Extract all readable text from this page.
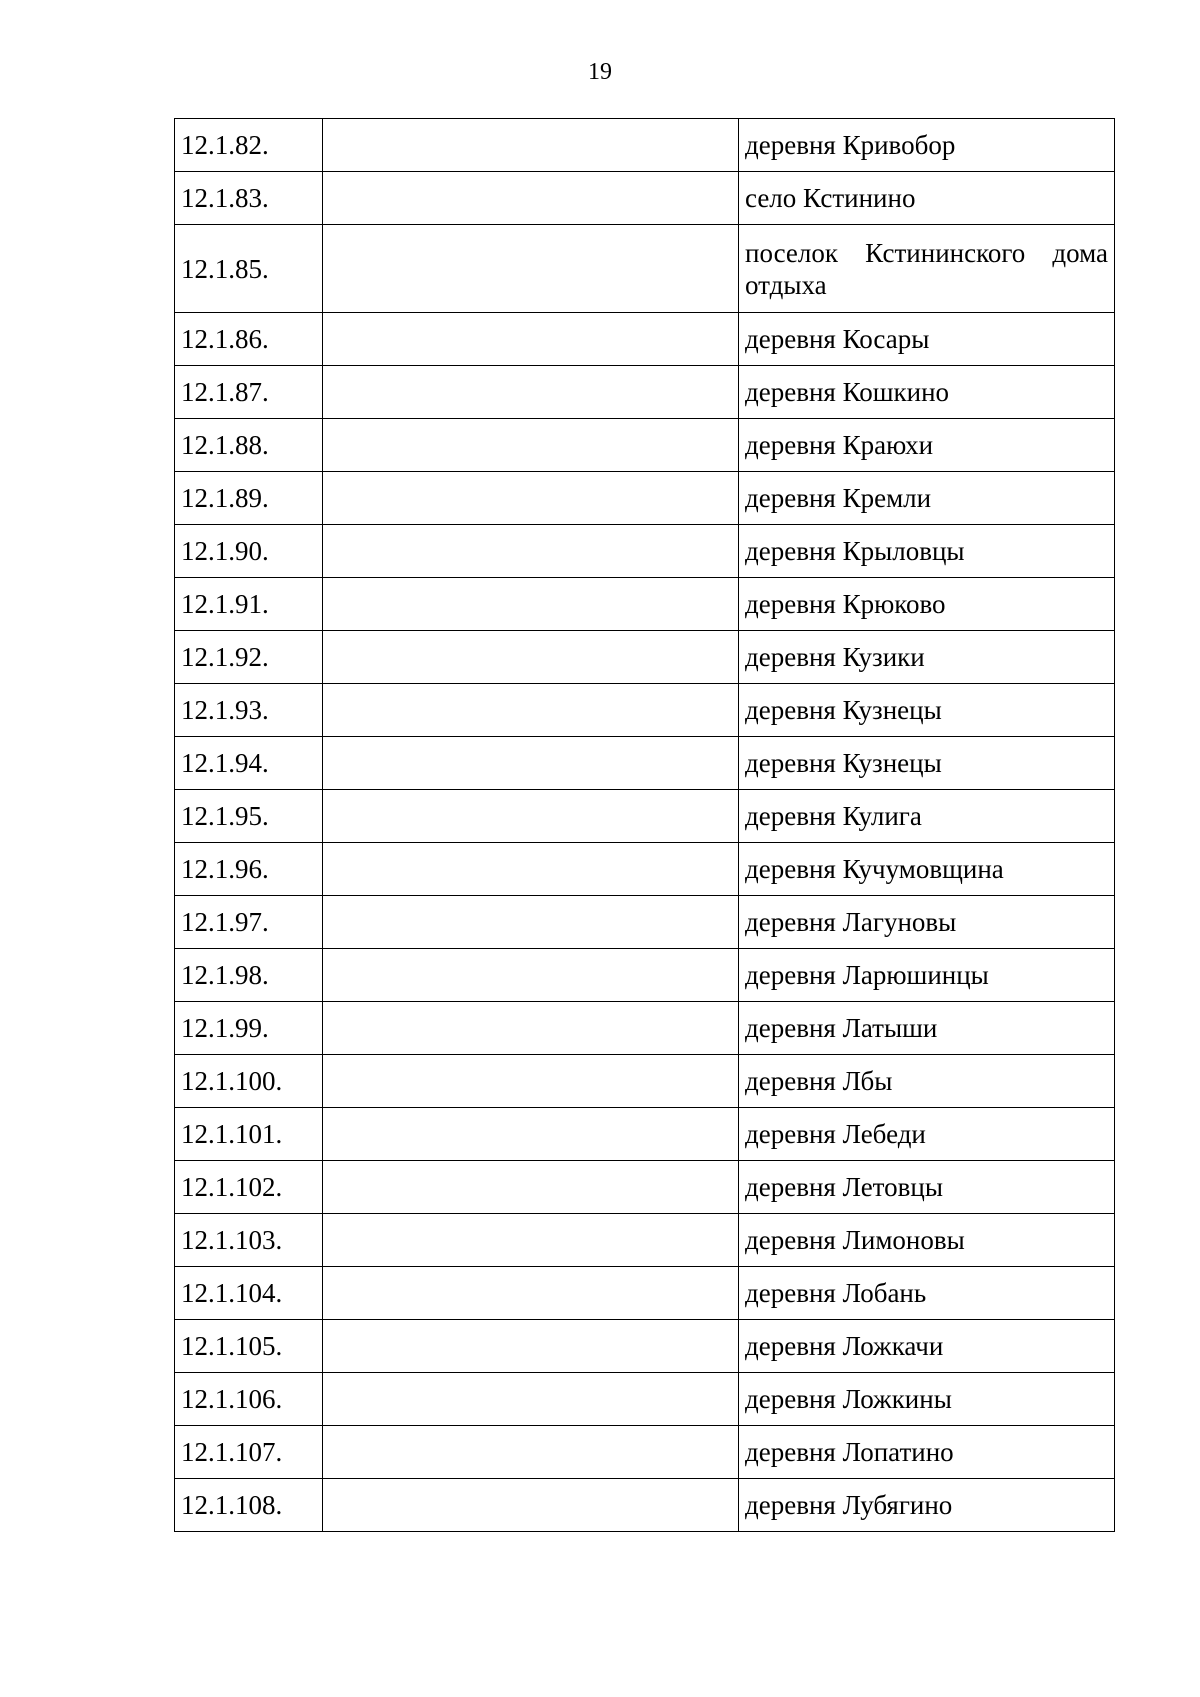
19
12.1.82.		деревня Кривобор
12.1.83.		село Кстинино
12.1.85.		поселок Кстининского дома отдыха
12.1.86.		деревня Косары
12.1.87.		деревня Кошкино
12.1.88.		деревня Краюхи
12.1.89.		деревня Кремли
12.1.90.		деревня Крыловцы
12.1.91.		деревня Крюково
12.1.92.		деревня Кузики
12.1.93.		деревня Кузнецы
12.1.94.		деревня Кузнецы
12.1.95.		деревня Кулига
12.1.96.		деревня Кучумовщина
12.1.97.		деревня Лагуновы
12.1.98.		деревня Ларюшинцы
12.1.99.		деревня Латыши
12.1.100.		деревня Лбы
12.1.101.		деревня Лебеди
12.1.102.		деревня Летовцы
12.1.103.		деревня Лимоновы
12.1.104.		деревня Лобань
12.1.105.		деревня Ложкачи
12.1.106.		деревня Ложкины
12.1.107.		деревня Лопатино
12.1.108.		деревня Лубягино
